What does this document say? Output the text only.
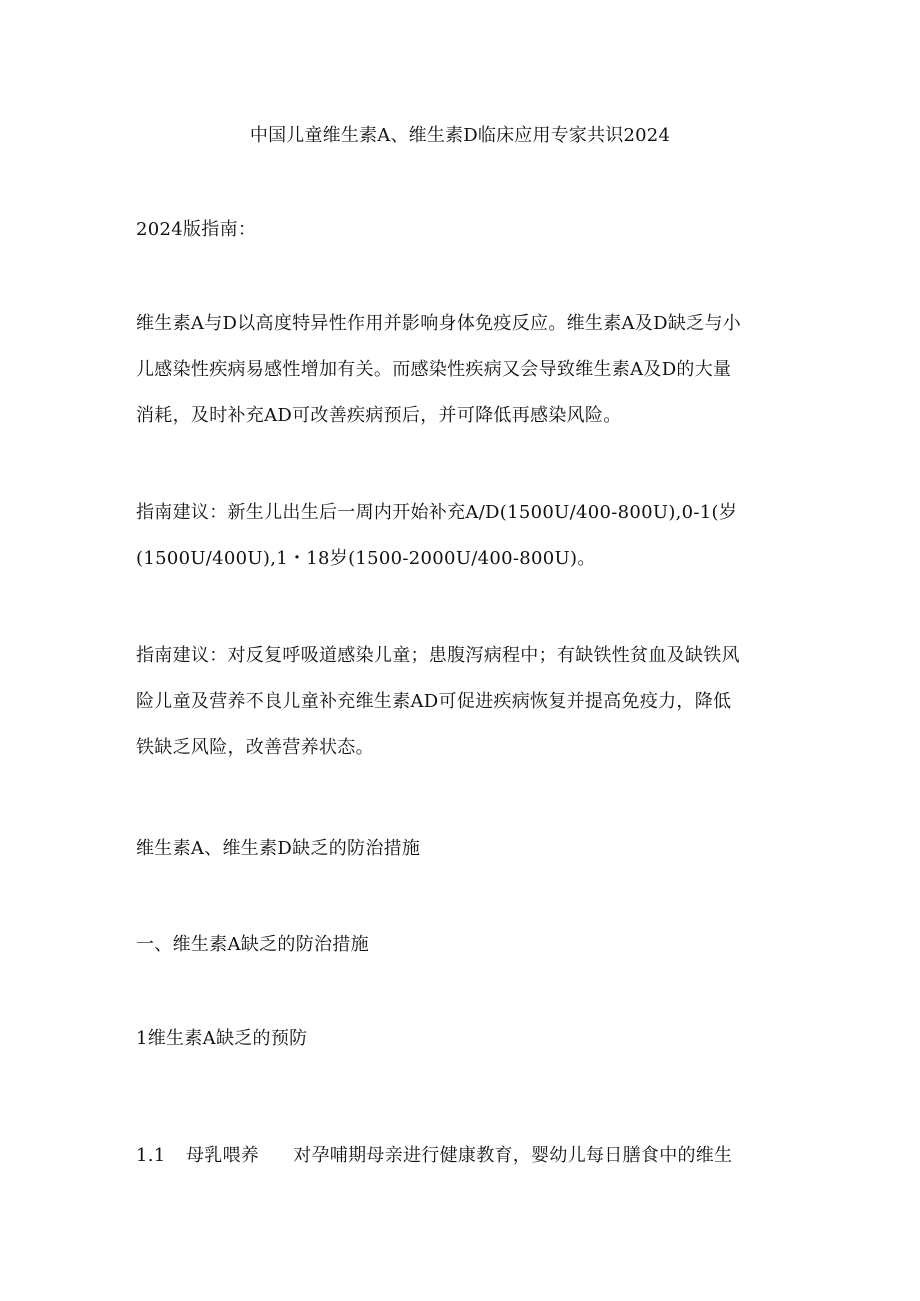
中国儿童维生素A、维生素D临床应用专家共识2024
2024版指南：
维生素A与D以高度特异性作用并影响身体免疫反应。维生素A及D缺乏与小
儿感染性疾病易感性增加有关。而感染性疾病又会导致维生素A及D的大量
消耗，及时补充AD可改善疾病预后，并可降低再感染风险。
指南建议：新生儿出生后一周内开始补充A/D(1500U/400-800U),0-1(岁
(1500U/400U),1・18岁(1500-2000U/400-800U)。
指南建议：对反复呼吸道感染儿童；患腹泻病程中；有缺铁性贫血及缺铁风
险儿童及营养不良儿童补充维生素AD可促进疾病恢复并提高免疫力，降低
铁缺乏风险，改善营养状态。
维生素A、维生素D缺乏的防治措施
一、维生素A缺乏的防治措施
1维生素A缺乏的预防
1.1 母乳喂养 对孕哺期母亲进行健康教育，婴幼儿每日膳食中的维生
